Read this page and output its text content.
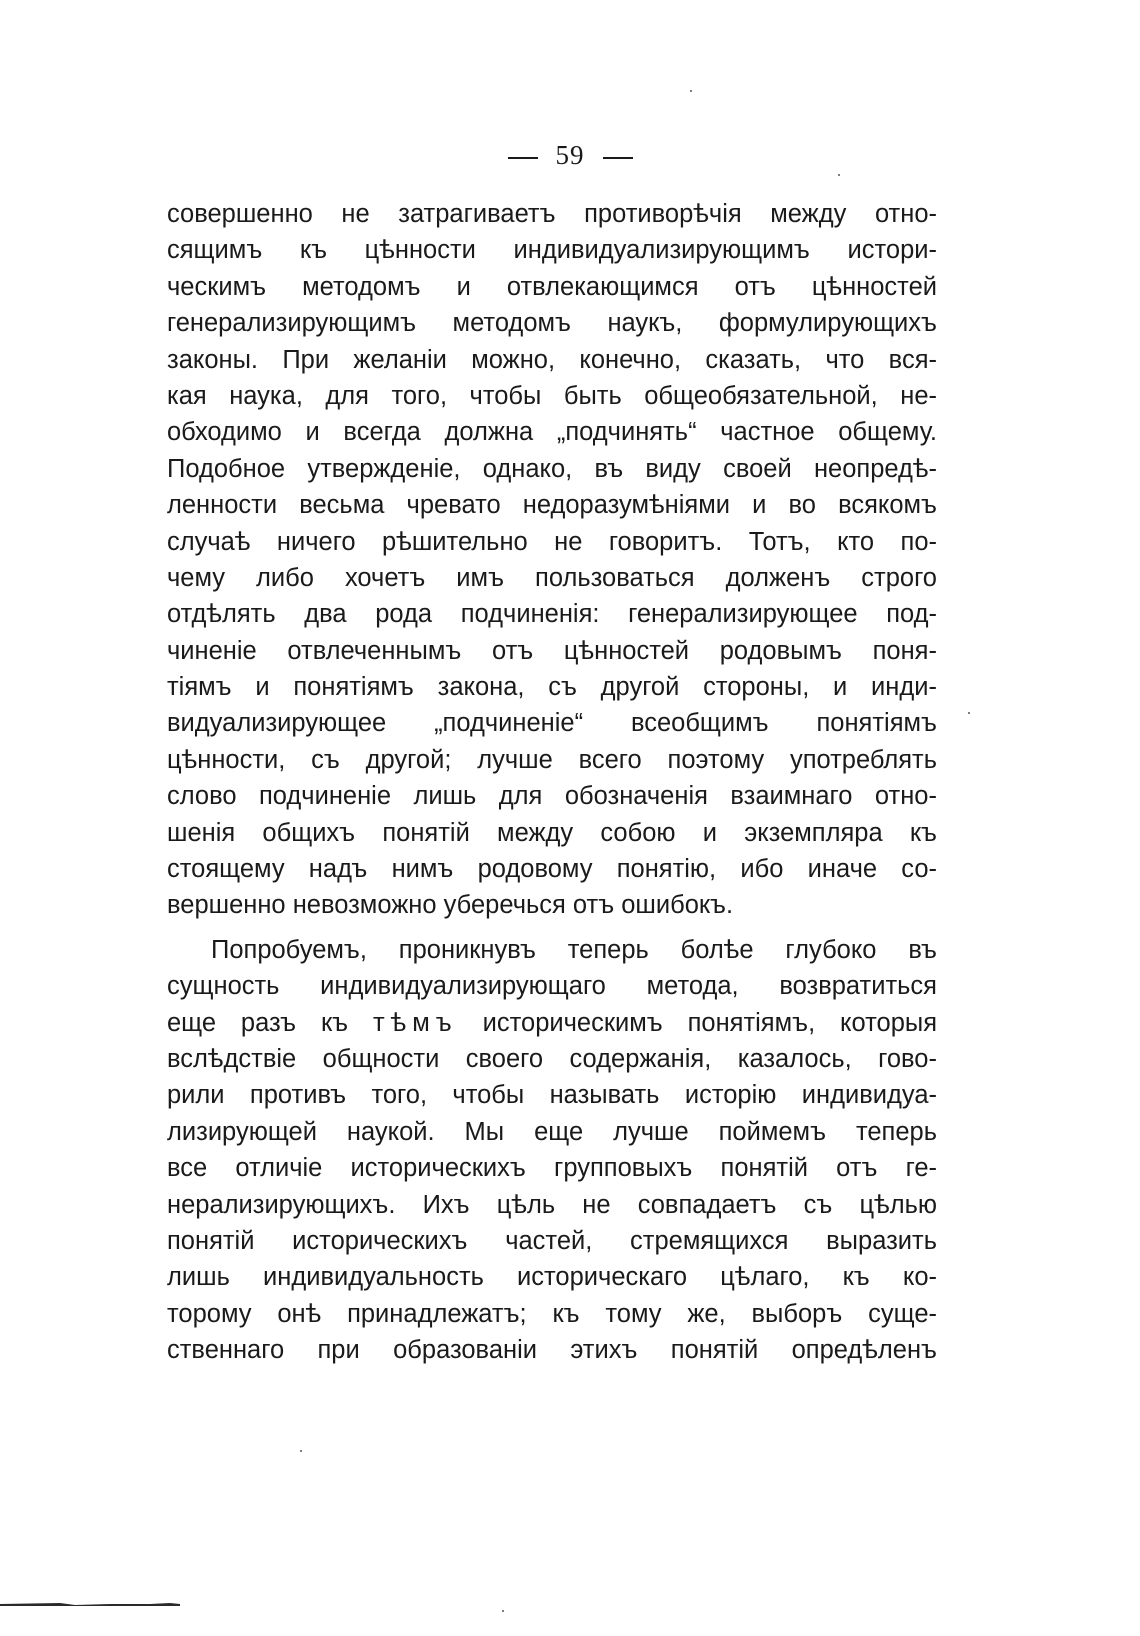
59
совершенно не затрагиваетъ противорѣчія между отно-
сящимъ къ цѣнности индивидуализирующимъ истори-
ческимъ методомъ и отвлекающимся отъ цѣнностей
генерализирующимъ методомъ наукъ, формулирующихъ
законы. При желаніи можно, конечно, сказать, что вся-
кая наука, для того, чтобы быть общеобязательной, не-
обходимо и всегда должна „подчинять“ частное общему.
Подобное утвержденіе, однако, въ виду своей неопредѣ-
ленности весьма чревато недоразумѣніями и во всякомъ
случаѣ ничего рѣшительно не говоритъ. Тотъ, кто по-
чему либо хочетъ имъ пользоваться долженъ строго
отдѣлять два рода подчиненія: генерализирующее под-
чиненіе отвлеченнымъ отъ цѣнностей родовымъ поня-
тіямъ и понятіямъ закона, съ другой стороны, и инди-
видуализирующее „подчиненіе“ всеобщимъ понятіямъ
цѣнности, съ другой; лучше всего поэтому употреблять
слово подчиненіе лишь для обозначенія взаимнаго отно-
шенія общихъ понятій между собою и экземпляра къ
стоящему надъ нимъ родовому понятію, ибо иначе со-
вершенно невозможно уберечься отъ ошибокъ.
Попробуемъ, проникнувъ теперь болѣе глубоко въ
сущность индивидуализирующаго метода, возвратиться
еще разъ къ тѣмъ историческимъ понятіямъ, которыя
вслѣдствіе общности своего содержанія, казалось, гово-
рили противъ того, чтобы называть исторію индивидуа-
лизирующей наукой. Мы еще лучше поймемъ теперь
все отличіе историческихъ групповыхъ понятій отъ ге-
нерализирующихъ. Ихъ цѣль не совпадаетъ съ цѣлью
понятій историческихъ частей, стремящихся выразить
лишь индивидуальность историческаго цѣлаго, къ ко-
торому онѣ принадлежатъ; къ тому же, выборъ суще-
ственнаго при образованіи этихъ понятій опредѣленъ
